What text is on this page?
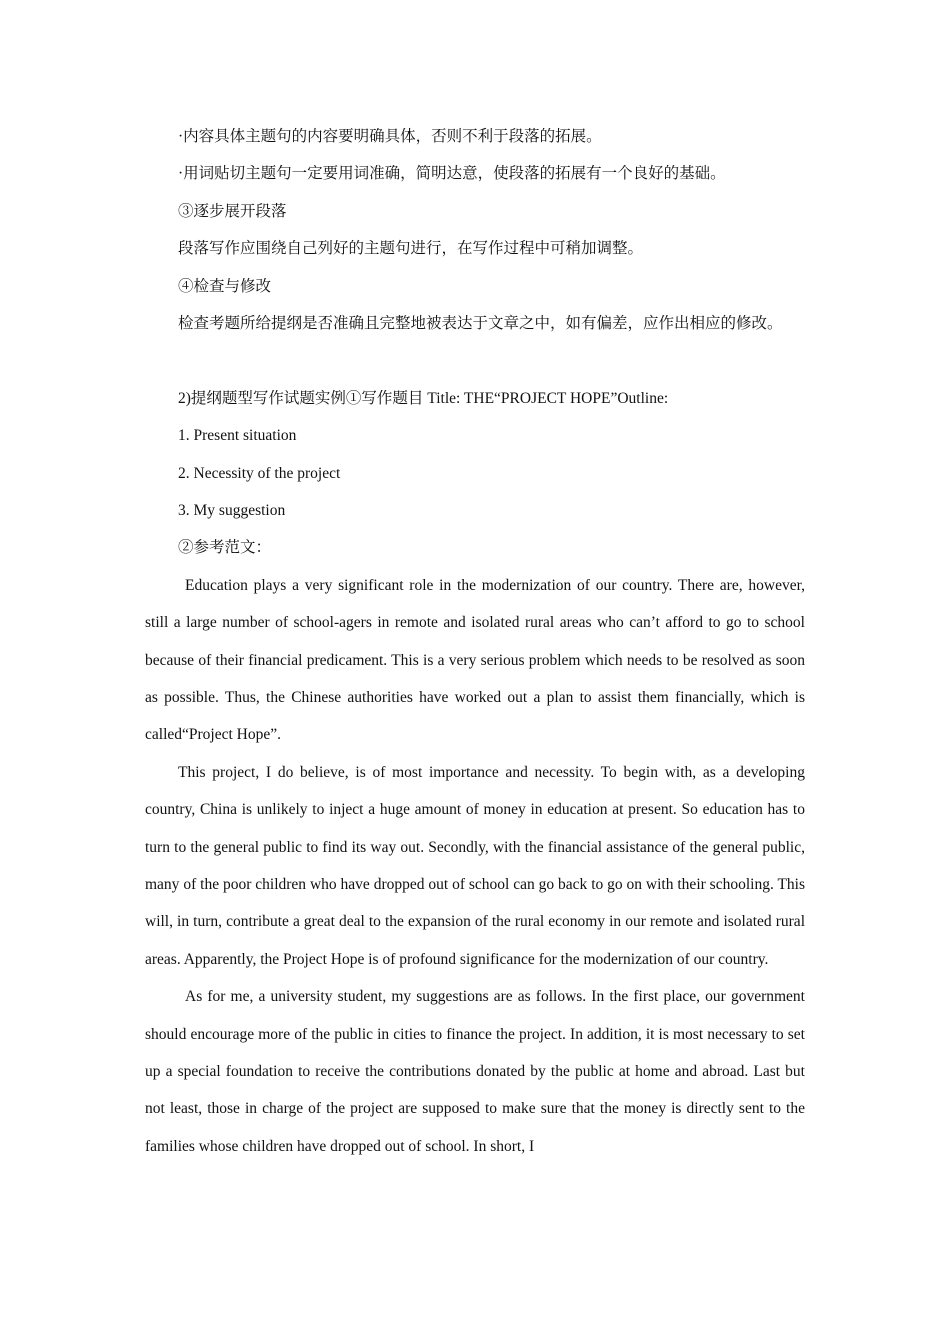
·内容具体主题句的内容要明确具体，否则不利于段落的拓展。
·用词贴切主题句一定要用词准确，简明达意，使段落的拓展有一个良好的基础。
③逐步展开段落
段落写作应围绕自己列好的主题句进行，在写作过程中可稍加调整。
④检查与修改
检查考题所给提纲是否准确且完整地被表达于文章之中，如有偏差，应作出相应的修改。
2)提纲题型写作试题实例①写作题目 Title: THE“PROJECT HOPE”Outline:
1. Present situation
2. Necessity of the project
3. My suggestion
②参考范文：

Education plays a very significant role in the modernization of our country. There are, however, still a large number of school-agers in remote and isolated rural areas who can’t afford to go to school because of their financial predicament. This is a very serious problem which needs to be resolved as soon as possible. Thus, the Chinese authorities have worked out a plan to assist them financially, which is called“Project Hope”.

This project, I do believe, is of most importance and necessity. To begin with, as a developing country, China is unlikely to inject a huge amount of money in education at present. So education has to turn to the general public to find its way out. Secondly, with the financial assistance of the general public, many of the poor children who have dropped out of school can go back to go on with their schooling. This will, in turn, contribute a great deal to the expansion of the rural economy in our remote and isolated rural areas. Apparently, the Project Hope is of profound significance for the modernization of our country.

As for me, a university student, my suggestions are as follows. In the first place, our government should encourage more of the public in cities to finance the project. In addition, it is most necessary to set up a special foundation to receive the contributions donated by the public at home and abroad. Last but not least, those in charge of the project are supposed to make sure that the money is directly sent to the families whose children have dropped out of school. In short, I
